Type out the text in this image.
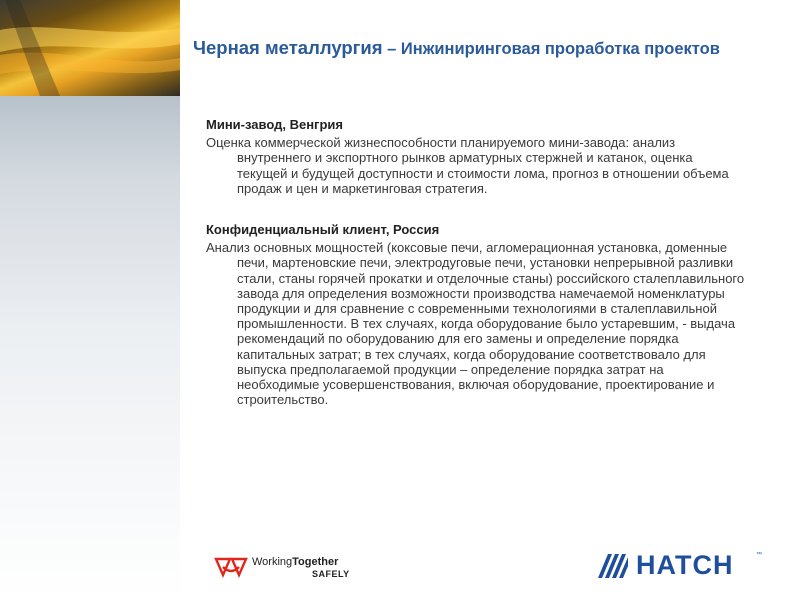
Черная металлургия – Инжиниринговая проработка проектов
Мини-завод, Венгрия
Оценка коммерческой жизнеспособности планируемого мини-завода: анализ внутреннего и экспортного рынков арматурных стержней и катанок, оценка текущей и будущей доступности и стоимости лома, прогноз в отношении объема продаж и цен и маркетинговая стратегия.
Конфиденциальный клиент, Россия
Анализ основных мощностей (коксовые печи, агломерационная установка, доменные печи, мартеновские печи, электродуговые печи, установки непрерывной разливки стали, станы горячей прокатки и отделочные станы) российского сталеплавильного завода для определения возможности производства намечаемой номенклатуры продукции и для сравнение с современными технологиями в сталеплавильной промышленности. В тех случаях, когда оборудование было устаревшим, - выдача рекомендаций по оборудованию для его замены и определение порядка капитальных затрат; в тех случаях, когда оборудование соответствовало для выпуска предполагаемой продукции – определение порядка затрат на необходимые усовершенствования, включая оборудование, проектирование и строительство.
WorkingTogether
SAFELY	HATCH	™
